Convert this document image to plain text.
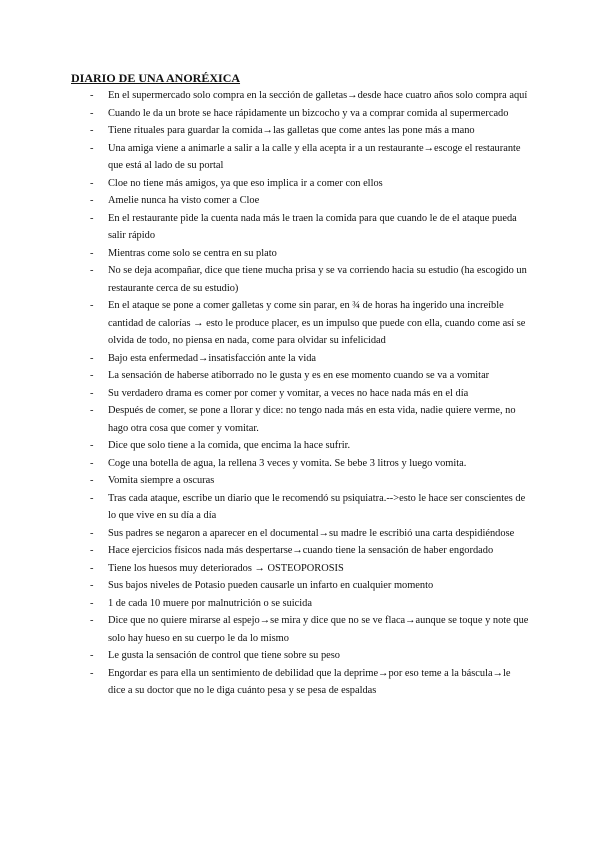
DIARIO DE UNA ANORÉXICA
- En el supermercado solo compra en la sección de galletas→desde hace cuatro años solo compra aquí
- Cuando le da un brote se hace rápidamente un bizcocho y va a comprar comida al supermercado
- Tiene rituales para guardar la comida→las galletas que come antes las pone más a mano
- Una amiga viene a animarle a salir a la calle y ella acepta ir a un restaurante→escoge el restaurante que está al lado de su portal
- Cloe no tiene más amigos, ya que eso implica ir a comer con ellos
- Amelie nunca ha visto comer a Cloe
- En el restaurante pide la cuenta nada más le traen la comida para que cuando le de el ataque pueda salir rápido
- Mientras come solo se centra en su plato
- No se deja acompañar, dice que tiene mucha prisa y se va corriendo hacia su estudio (ha escogido un restaurante cerca de su estudio)
- En el ataque se pone a comer galletas y come sin parar, en ¾ de horas ha ingerido una increíble cantidad de calorías → esto le produce placer, es un impulso que puede con ella, cuando come así se olvida de todo, no piensa en nada, come para olvidar su infelicidad
- Bajo esta enfermedad→insatisfacción ante la vida
- La sensación de haberse atiborrado no le gusta y es en ese momento cuando se va a vomitar
- Su verdadero drama es comer por comer y vomitar, a veces no hace nada más en el día
- Después de comer, se pone a llorar y dice: no tengo nada más en esta vida, nadie quiere verme, no hago otra cosa que comer y vomitar.
- Dice que solo tiene a la comida, que encima la hace sufrir.
- Coge una botella de agua, la rellena 3 veces y vomita. Se bebe 3 litros y luego vomita.
- Vomita siempre a oscuras
- Tras cada ataque, escribe un diario que le recomendó su psiquiatra.-->esto le hace ser conscientes de lo que vive en su día a día
- Sus padres se negaron a aparecer en el documental→su madre le escribió una carta despidiéndose
- Hace ejercicios físicos nada más despertarse→cuando tiene la sensación de haber engordado
- Tiene los huesos muy deteriorados → OSTEOPOROSIS
- Sus bajos niveles de Potasio pueden causarle un infarto en cualquier momento
- 1 de cada 10 muere por malnutrición o se suicida
- Dice que no quiere mirarse al espejo→se mira y dice que no se ve flaca→aunque se toque y note que solo hay hueso en su cuerpo le da lo mismo
- Le gusta la sensación de control que tiene sobre su peso
- Engordar es para ella un sentimiento de debilidad que la deprime→por eso teme a la báscula→le dice a su doctor que no le diga cuánto pesa y se pesa de espaldas
